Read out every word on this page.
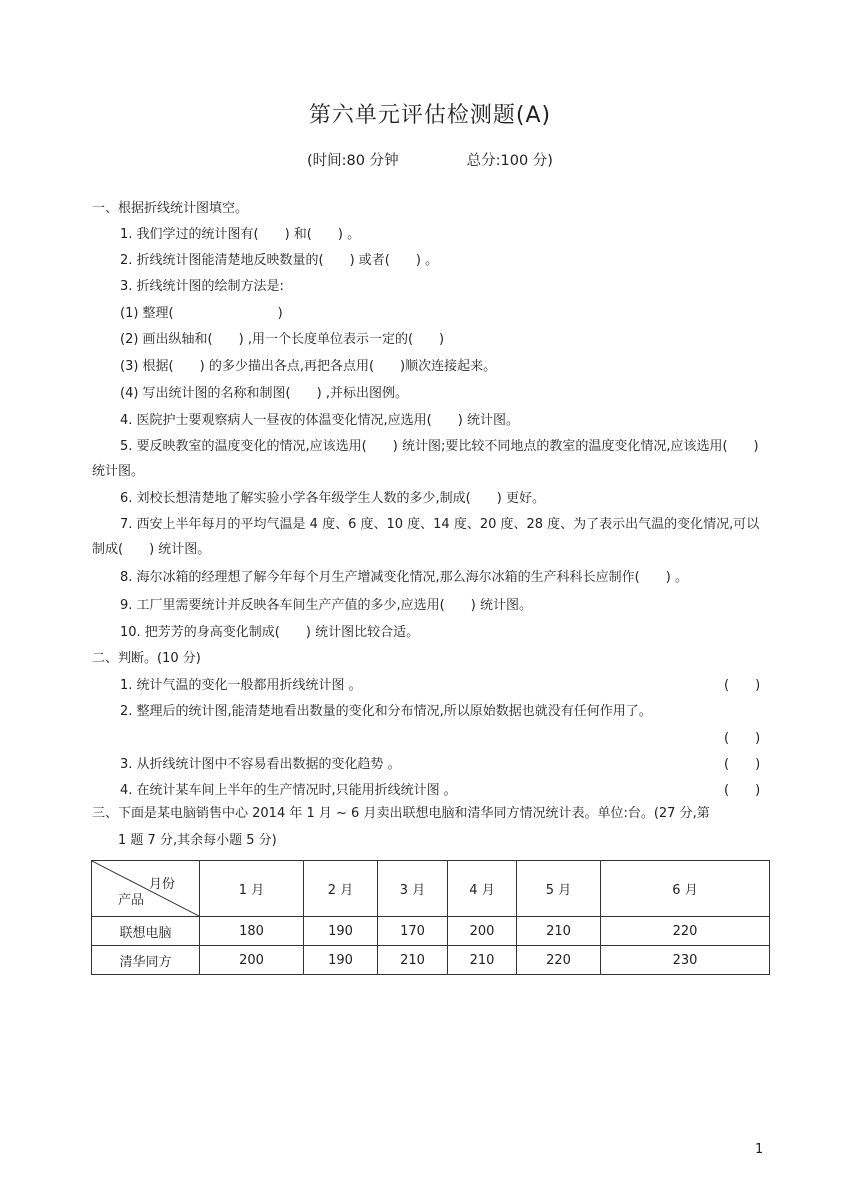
第六单元评估检测题(A)
(时间:80 分钟	总分:100 分)
一、根据折线统计图填空。
1. 我们学过的统计图有(　　) 和(　　) 。
2. 折线统计图能清楚地反映数量的(　　) 或者(　　) 。
3. 折线统计图的绘制方法是:
(1) 整理(　　　　　　　　)
(2) 画出纵轴和(　　) ,用一个长度单位表示一定的(　　)
(3) 根据(　　) 的多少描出各点,再把各点用(　　)顺次连接起来。
(4) 写出统计图的名称和制图(　　) ,并标出图例。
4. 医院护士要观察病人一昼夜的体温变化情况,应选用(　　) 统计图。
5. 要反映教室的温度变化的情况,应该选用(　　) 统计图;要比较不同地点的教室的温度变化情况,应该选用(　　) 统计图。
6. 刘校长想清楚地了解实验小学各年级学生人数的多少,制成(　　) 更好。
7. 西安上半年每月的平均气温是 4 度、6 度、10 度、14 度、20 度、28 度、为了表示出气温的变化情况,可以制成(　　) 统计图。
8. 海尔冰箱的经理想了解今年每个月生产增减变化情况,那么海尔冰箱的生产科科长应制作(　　) 。
9. 工厂里需要统计并反映各车间生产产值的多少,应选用(　　) 统计图。
10. 把芳芳的身高变化制成(　　) 统计图比较合适。
二、判断。(10 分)
1. 统计气温的变化一般都用折线统计图 。	(　　)
2. 整理后的统计图,能清楚地看出数量的变化和分布情况,所以原始数据也就没有任何作用了。
(　　)
3. 从折线统计图中不容易看出数据的变化趋势 。	(　　)
4. 在统计某车间上半年的生产情况时,只能用折线统计图 。	(　　)
三、下面是某电脑销售中心 2014 年 1 月 ~ 6 月卖出联想电脑和清华同方情况统计表。单位:台。(27 分,第
1 题 7 分,其余每小题 5 分)
月份
产品	1 月	2 月	3 月	4 月	5 月	6 月
联想电脑	180	190	170	200	210	220
清华同方	200	190	210	210	220	230
1
